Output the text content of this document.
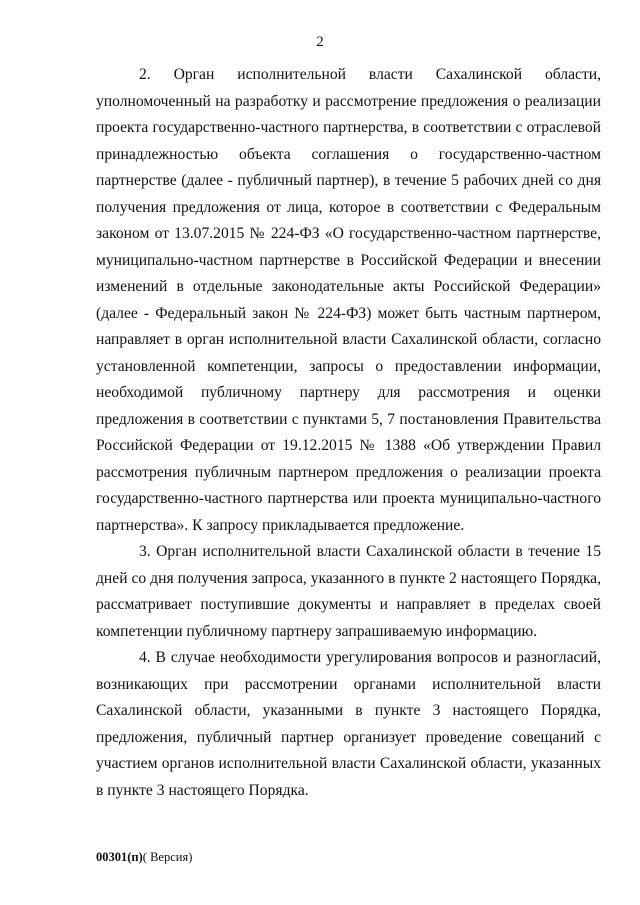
2

2. Орган исполнительной власти Сахалинской области, уполномоченный на разработку и рассмотрение предложения о реализации проекта государственно-частного партнерства, в соответствии с отраслевой принадлежностью объекта соглашения о государственно-частном партнерстве (далее - публичный партнер), в течение 5 рабочих дней со дня получения предложения от лица, которое в соответствии с Федеральным законом от 13.07.2015 № 224-ФЗ «О государственно-частном партнерстве, муниципально-частном партнерстве в Российской Федерации и внесении изменений в отдельные законодательные акты Российской Федерации» (далее - Федеральный закон № 224-ФЗ) может быть частным партнером, направляет в орган исполнительной власти Сахалинской области, согласно установленной компетенции, запросы о предоставлении информации, необходимой публичному партнеру для рассмотрения и оценки предложения в соответствии с пунктами 5, 7 постановления Правительства Российской Федерации от 19.12.2015 № 1388 «Об утверждении Правил рассмотрения публичным партнером предложения о реализации проекта государственно-частного партнерства или проекта муниципально-частного партнерства». К запросу прикладывается предложение.

3. Орган исполнительной власти Сахалинской области в течение 15 дней со дня получения запроса, указанного в пункте 2 настоящего Порядка, рассматривает поступившие документы и направляет в пределах своей компетенции публичному партнеру запрашиваемую информацию.

4. В случае необходимости урегулирования вопросов и разногласий, возникающих при рассмотрении органами исполнительной власти Сахалинской области, указанными в пункте 3 настоящего Порядка, предложения, публичный партнер организует проведение совещаний с участием органов исполнительной власти Сахалинской области, указанных в пункте 3 настоящего Порядка.

00301(п)( Версия)
